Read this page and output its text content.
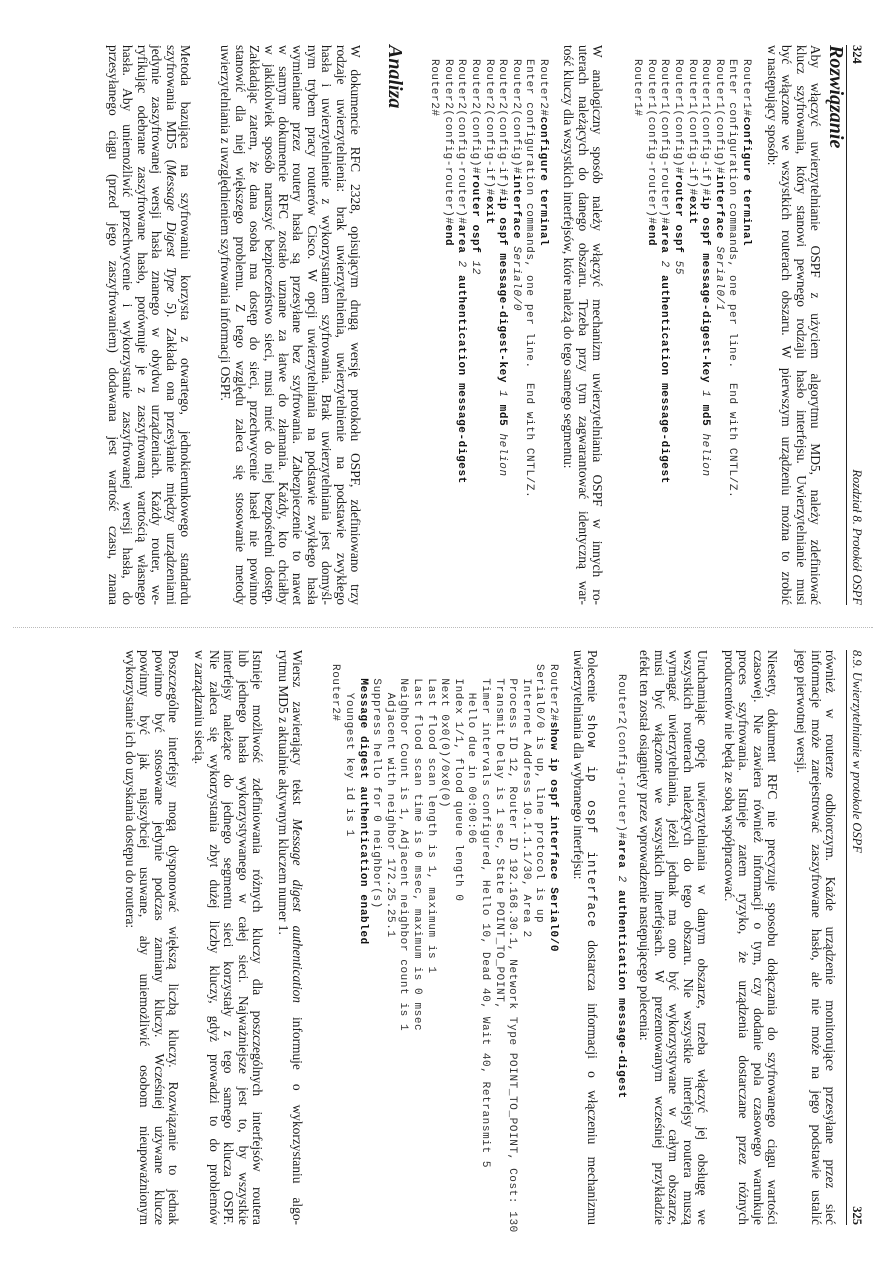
324
Rozdział 8. Protokół OSPF
Rozwiązanie
Aby włączyć uwierzytelnianie OSPF z użyciem algorytmu MD5, należy zdefiniować
klucz szyfrowania, który stanowi pewnego rodzaju hasło interfejsu. Uwierzytelnianie musi
być włączone we wszystkich routerach obszaru. W pierwszym urządzeniu można to zrobić
w następujący sposób:
Router1#configure terminal
Enter configuration commands, one per line.  End with CNTL/Z.
Router1(config)#interface Serial0/1
Router1(config-if)#ip ospf message-digest-key 1 md5 helion
Router1(config-if)#exit
Router1(config)#router ospf 55
Router1(config-router)#area 2 authentication message-digest
Router1(config-router)#end
Router1#
W analogiczny sposób należy włączyć mechanizm uwierzytelniania OSPF w innych ro-
uterach należących do danego obszaru. Trzeba przy tym zagwarantować identyczną war-
tość kluczy dla wszystkich interfejsów, które należą do tego samego segmentu:
Router2#configure terminal
Enter configuration commands, one per line.  End with CNTL/Z.
Router2(config)#interface Serial0/0
Router2(config-if)#ip ospf message-digest-key 1 md5 helion
Router2(config-if)#exit
Router2(config)#router ospf 12
Router2(config-router)#area 2 authentication message-digest
Router2(config-router)#end
Router2#
Analiza
W dokumencie RFC 2328, opisującym drugą wersję protokołu OSPF, zdefiniowano trzy
rodzaje uwierzytelnienia: brak uwierzytelnienia, uwierzytelnienie na podstawie zwykłego
hasła i uwierzytelnienie z wykorzystaniem szyfrowania. Brak uwierzytelniania jest domyśl-
nym trybem pracy routerów Cisco. W opcji uwierzytelniania na podstawie zwykłego hasła
wymieniane przez routery hasła są przesyłane bez szyfrowania. Zabezpieczenie to nawet
w samym dokumencie RFC zostało uznane za łatwe do złamania. Każdy, kto chciałby
w jakikolwiek sposób naruszyć bezpieczeństwo sieci, musi mieć do niej bezpośredni dostęp.
Zakładając zatem, że dana osoba ma dostęp do sieci, przechwycenie haseł nie powinno
stanowić dla niej większego problemu. Z tego względu zaleca się stosowanie metody
uwierzytelniania z uwzględnieniem szyfrowania informacji OSPF.
Metoda bazująca na szyfrowaniu korzysta z otwartego, jednokierunkowego standardu
szyfrowania MD5 (Message Digest Type 5). Zakłada ona przesyłanie między urządzeniami
jedynie zaszyfrowanej wersji hasła znanego w obydwu urządzeniach. Każdy router, we-
ryfikując odebrane zaszyfrowane hasło, porównuje je z zaszyfrowaną wartością własnego
hasła. Aby uniemożliwić przechwycenie i wykorzystanie zaszyfrowanej wersji hasła, do
przesyłanego ciągu (przed jego zaszyfrowaniem) dodawana jest wartość czasu, znana
8.9. Uwierzytelnianie w protokole OSPF
325
również w routerze odbiorczym. Każde urządzenie monitorujące przesyłane przez sieć
informacje może zarejestrować zaszyfrowane hasło, ale nie może na jego podstawie ustalić
jego pierwotnej wersji.
Niestety, dokument RFC nie precyzuje sposobu dołączania do szyfrowanego ciągu wartości
czasowej. Nie zawiera również informacji o tym, czy dodanie pola czasowego warunkuje
proces szyfrowania. Istnieje zatem ryzyko, że urządzenia dostarczane przez różnych
producentów nie będą ze sobą współpracować.
Uruchamiając opcję uwierzytelniania w danym obszarze, trzeba włączyć jej obsługę we
wszystkich routerach należących do tego obszaru. Nie wszystkie interfejsy routera muszą
wymagać uwierzytelniania, jeżeli jednak ma ono być wykorzystywane w całym obszarze,
musi być włączone we wszystkich interfejsach. W prezentowanym wcześniej przykładzie
efekt ten został osiągnięty przez wprowadzenie następującego polecenia:
Router2(config-router)#area 2 authentication message-digest
Polecenie show ip ospf interface dostarcza informacji o włączeniu mechanizmu
uwierzytelniania dla wybranego interfejsu:
Router2#show ip ospf interface Serial0/0
Serial0/0 is up, line protocol is up
Internet Address 10.1.1.1/30, Area 2
Process ID 12, Router ID 192.168.30.1, Network Type POINT_TO_POINT, Cost: 130
Transmit Delay is 1 sec, State POINT_TO_POINT,
Timer intervals configured, Hello 10, Dead 40, Wait 40, Retransmit 5
Hello due in 00:00:06
Index 1/1, flood queue length 0
Next 0x0(0)/0x0(0)
Last flood scan length is 1, maximum is 1
Last flood scan time is 0 msec, maximum is 0 msec
Neighbor Count is 1, Adjacent neighbor count is 1
Adjacent with neighbor 172.25.25.1
Suppress hello for 0 neighbor(s)
Message digest authentication enabled
Youngest key id is 1
Router2#
Wiersz zawierający tekst Message digest authentication informuje o wykorzystaniu algo-
rytmu MD5 z aktualnie aktywnym kluczem numer 1.
Istnieje możliwość zdefiniowania różnych kluczy dla poszczególnych interfejsów routera
lub jednego hasła wykorzystywanego w całej sieci. Najważniejsze jest to, by wszystkie
interfejsy należące do jednego segmentu sieci korzystały z tego samego klucza OSPF.
Nie zaleca się wykorzystania zbyt dużej liczby kluczy, gdyż prowadzi to do problemów
w zarządzaniu siecią.
Poszczególne interfejsy mogą dysponować większą liczbą kluczy. Rozwiązanie to jednak
powinno być stosowane jedynie podczas zamiany kluczy. Wcześniej używane klucze
powinny być jak najszybciej usuwane, aby uniemożliwić osobom nieupoważnionym
wykorzystanie ich do uzyskania dostępu do routera:
